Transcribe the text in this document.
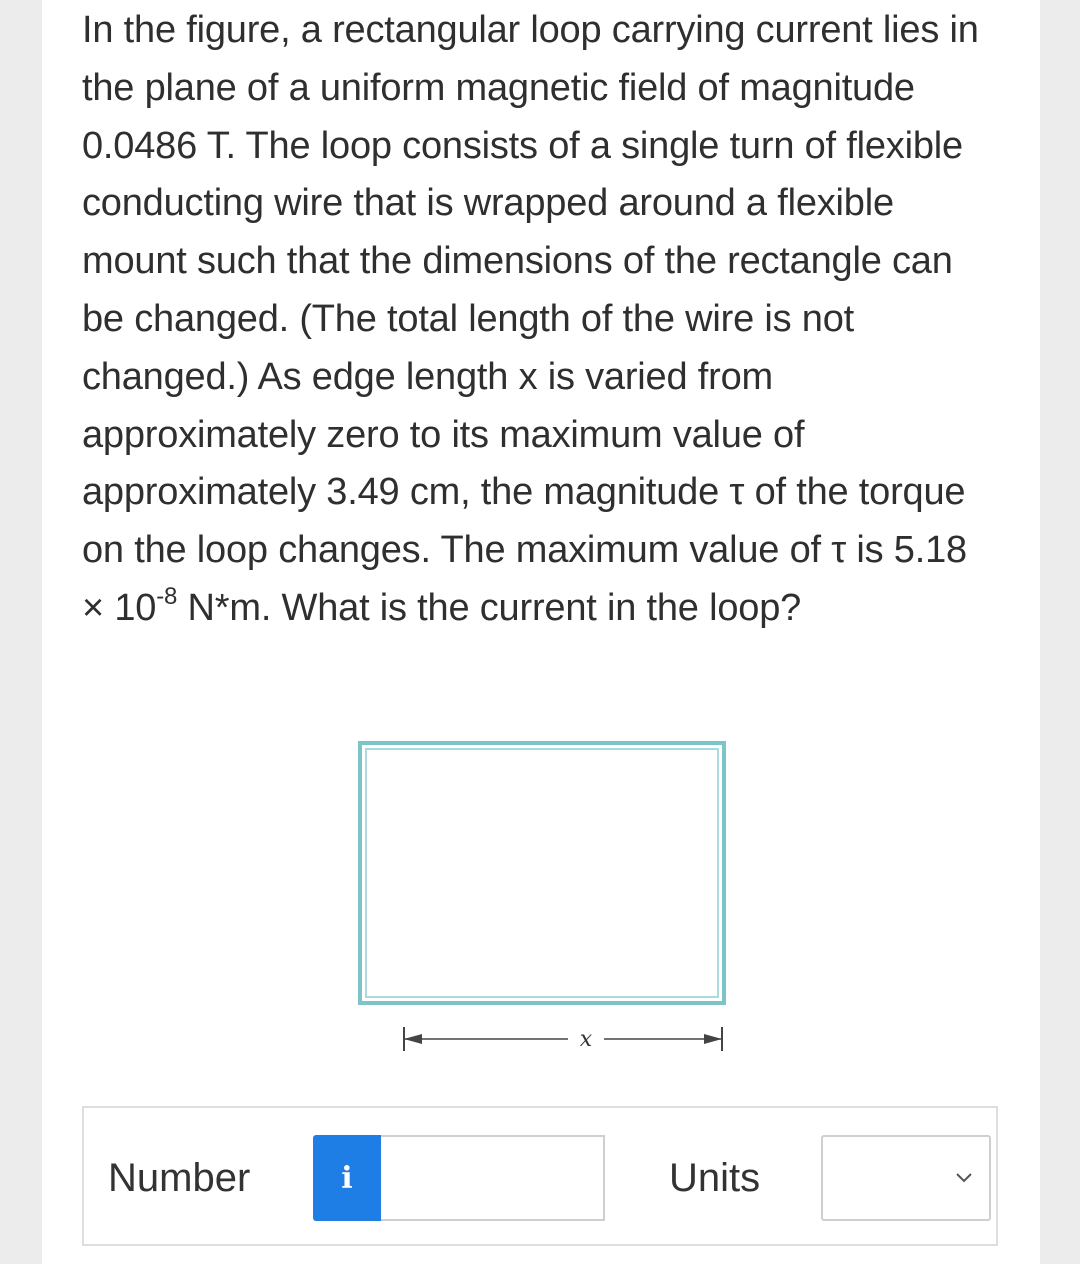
In the figure, a rectangular loop carrying current lies in the plane of a uniform magnetic field of magnitude 0.0486 T. The loop consists of a single turn of flexible conducting wire that is wrapped around a flexible mount such that the dimensions of the rectangle can be changed. (The total length of the wire is not changed.) As edge length x is varied from approximately zero to its maximum value of approximately 3.49 cm, the magnitude τ of the torque on the loop changes. The maximum value of τ is $5.18 \times 10^{-8}$ N*m. What is the current in the loop?

x
Number	i	Units
